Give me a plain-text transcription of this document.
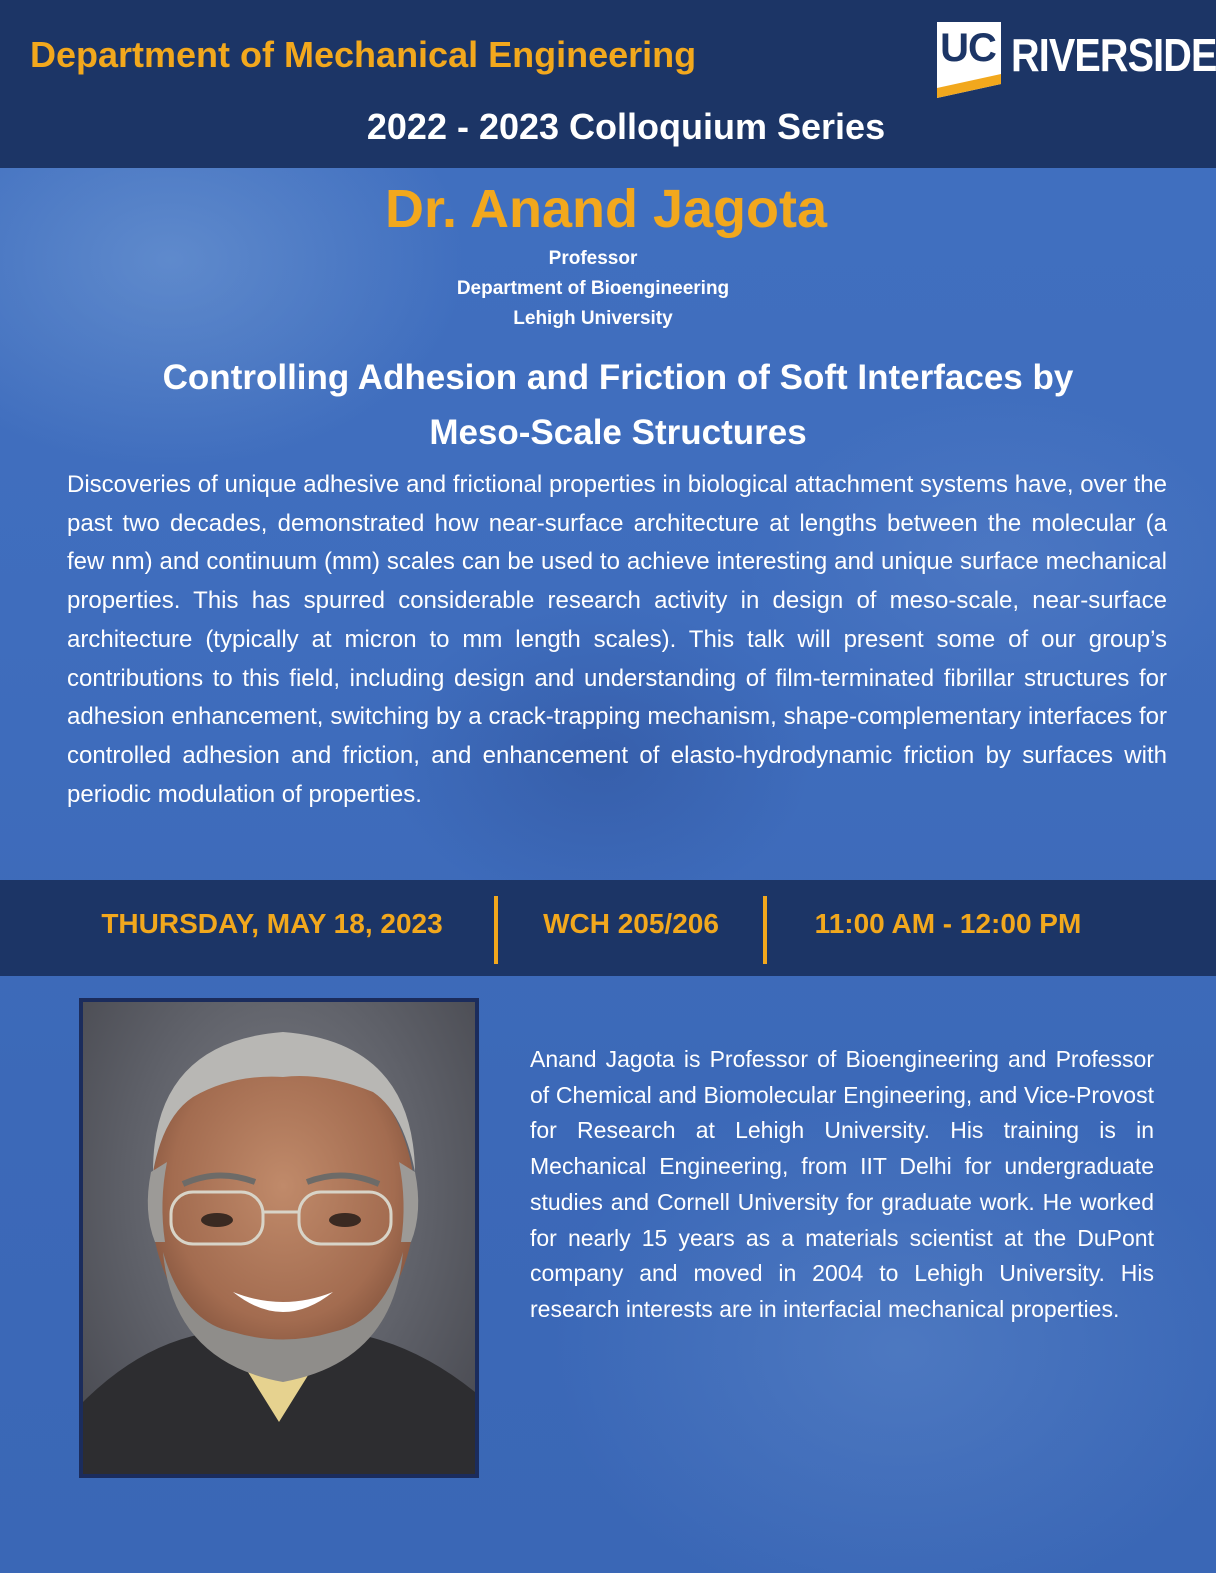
Department of Mechanical Engineering	UC RIVERSIDE
2022 - 2023 Colloquium Series
Dr. Anand Jagota
Professor
Department of Bioengineering
Lehigh University
Controlling Adhesion and Friction of Soft Interfaces by
Meso-Scale Structures
Discoveries of unique adhesive and frictional properties in biological attachment systems have, over the past two decades, demonstrated how near-surface architecture at lengths between the molecular (a few nm) and continuum (mm) scales can be used to achieve interesting and unique surface mechanical properties. This has spurred considerable research activity in design of meso-scale, near-surface architecture (typically at micron to mm length scales). This talk will present some of our group’s contributions to this field, including design and understanding of film-terminated fibrillar structures for adhesion enhancement, switching by a crack-trapping mechanism, shape-complementary interfaces for controlled adhesion and friction, and enhancement of elasto-hydrodynamic friction by surfaces with periodic modulation of properties.
THURSDAY, MAY 18, 2023	WCH 205/206	11:00 AM - 12:00 PM
Anand Jagota is Professor of Bioengineering and Professor of Chemical and Biomolecular Engineering, and Vice-Provost for Research at Lehigh University. His training is in Mechanical Engineering, from IIT Delhi for undergraduate studies and Cornell University for graduate work. He worked for nearly 15 years as a materials scientist at the DuPont company and moved in 2004 to Lehigh University. His research interests are in interfacial mechanical properties.
